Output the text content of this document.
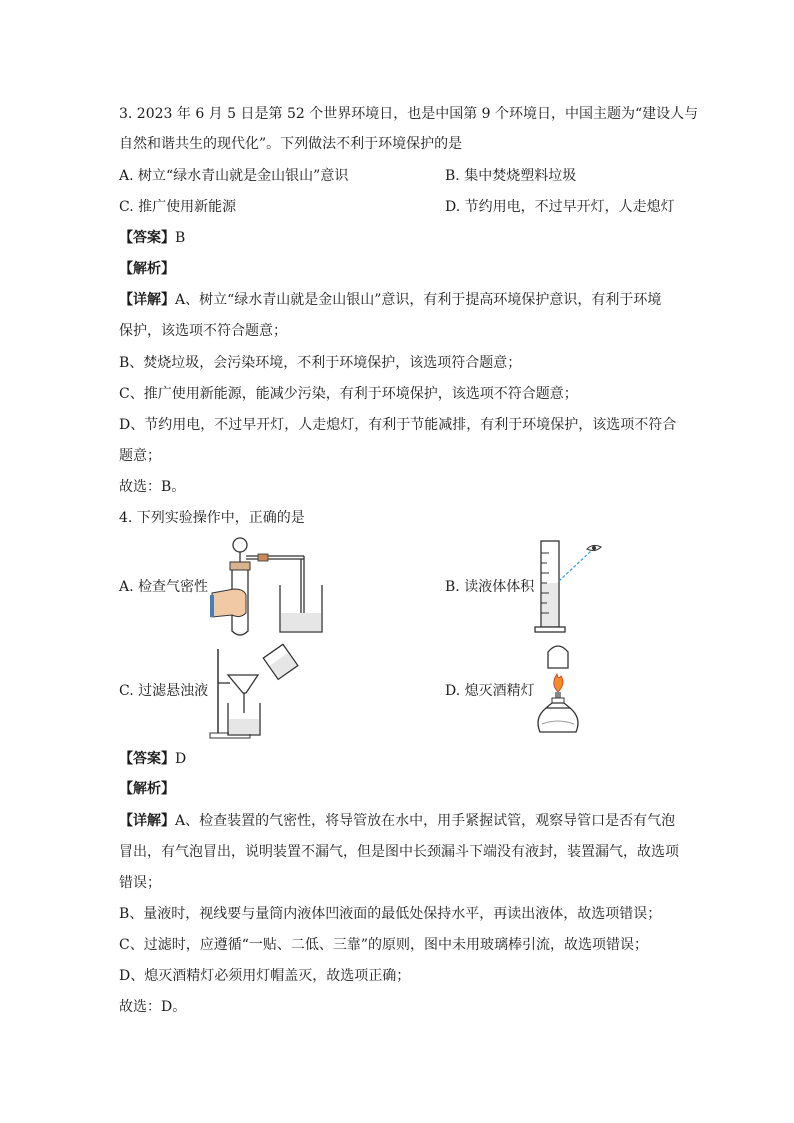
3. 2023 年 6 月 5 日是第 52 个世界环境日，也是中国第 9 个环境日，中国主题为“建设人与
自然和谐共生的现代化”。下列做法不利于环境保护的是
A. 树立“绿水青山就是金山银山”意识	B. 集中焚烧塑料垃圾
C. 推广使用新能源	D. 节约用电，不过早开灯，人走熄灯
【答案】B
【解析】
【详解】A、树立“绿水青山就是金山银山”意识，有利于提高环境保护意识，有利于环境
保护，该选项不符合题意；
B、焚烧垃圾，会污染环境，不利于环境保护，该选项符合题意；
C、推广使用新能源，能减少污染，有利于环境保护，该选项不符合题意；
D、节约用电，不过早开灯，人走熄灯，有利于节能减排，有利于环境保护，该选项不符合
题意；
故选：B。
4. 下列实验操作中，正确的是
A. 检查气密性	B. 读液体体积
C. 过滤悬浊液	D. 熄灭酒精灯
【答案】D
【解析】
【详解】A、检查装置的气密性，将导管放在水中，用手紧握试管，观察导管口是否有气泡
冒出，有气泡冒出，说明装置不漏气，但是图中长颈漏斗下端没有液封，装置漏气，故选项
错误；
B、量液时，视线要与量筒内液体凹液面的最低处保持水平，再读出液体，故选项错误；
C、过滤时，应遵循“一贴、二低、三靠”的原则，图中未用玻璃棒引流，故选项错误；
D、熄灭酒精灯必须用灯帽盖灭，故选项正确；
故选：D。
